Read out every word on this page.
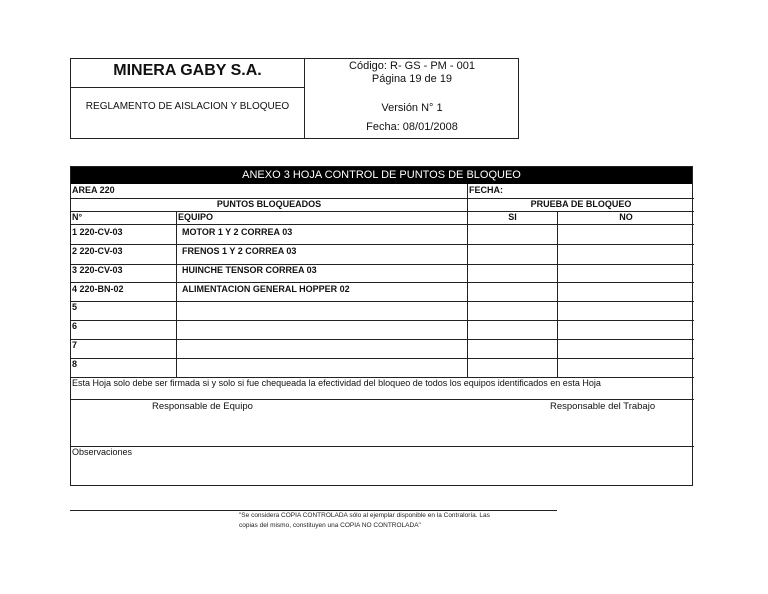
MINERA GABY S.A.
REGLAMENTO DE AISLACION Y BLOQUEO
Código: R- GS - PM - 001
Página 19 de 19
Versión N° 1
Fecha: 08/01/2008
ANEXO 3 HOJA CONTROL DE PUNTOS DE BLOQUEO
AREA 220	FECHA:
PUNTOS BLOQUEADOS	PRUEBA DE BLOQUEO
N°	EQUIPO	SI	NO
1 220-CV-03	MOTOR 1 Y 2 CORREA 03
2 220-CV-03	FRENOS 1 Y 2 CORREA 03
3 220-CV-03	HUINCHE TENSOR CORREA 03
4 220-BN-02	ALIMENTACION GENERAL HOPPER 02
5
6
7
8
Esta Hoja solo debe ser firmada si y solo si fue chequeada la efectividad del bloqueo de todos los equipos identificados en esta Hoja
Responsable de Equipo	Responsable del Trabajo
Observaciones
"Se considera COPIA CONTROLADA sólo al ejemplar disponible en la Contraloría. Las
copias del mismo, constituyen una COPIA NO CONTROLADA"
